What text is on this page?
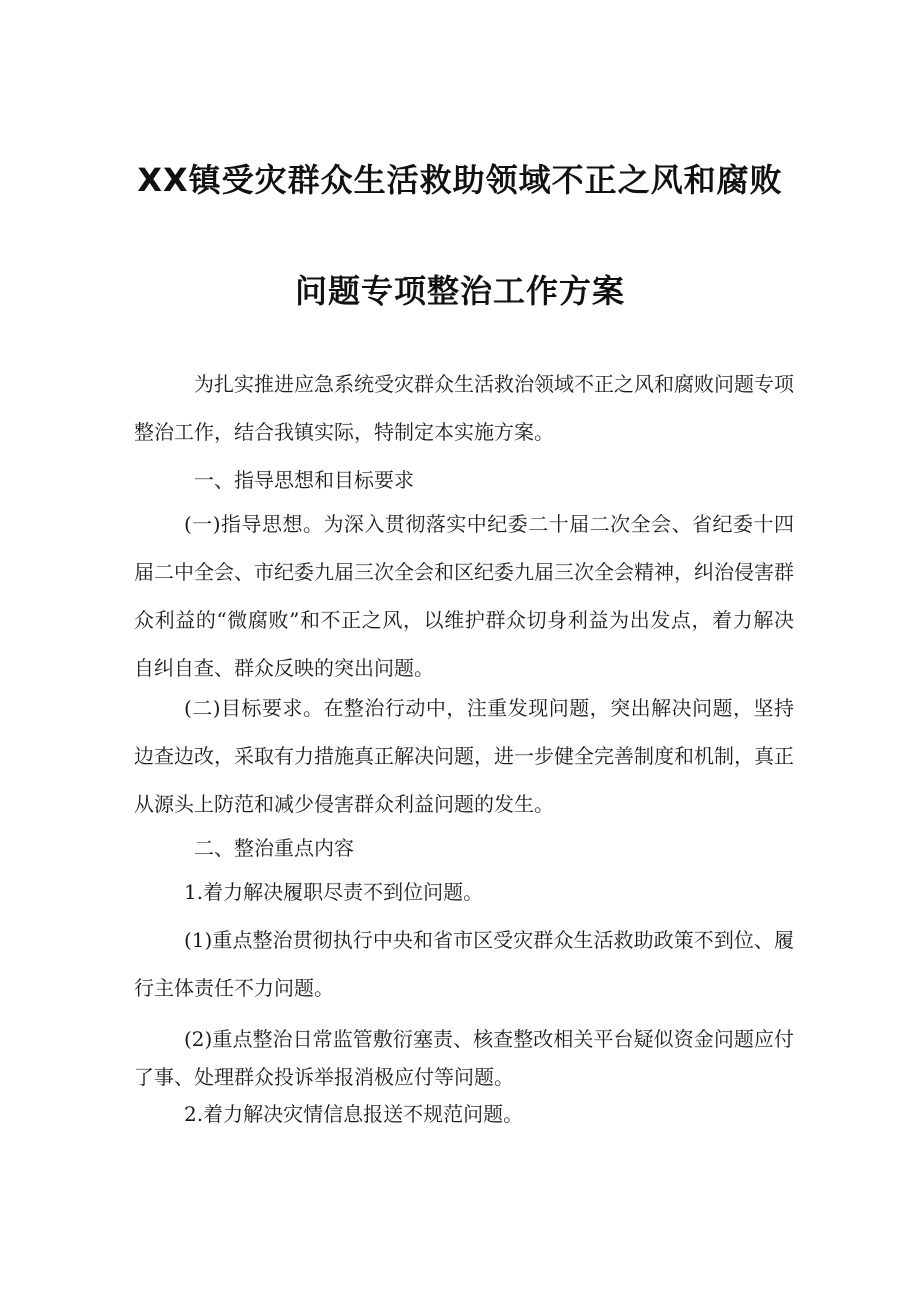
XX镇受灾群众生活救助领域不正之风和腐败
问题专项整治工作方案
为扎实推进应急系统受灾群众生活救治领域不正之风和腐败问题专项整治工作，结合我镇实际，特制定本实施方案。
一、指导思想和目标要求
(一)指导思想。为深入贯彻落实中纪委二十届二次全会、省纪委十四届二中全会、市纪委九届三次全会和区纪委九届三次全会精神，纠治侵害群众利益的“微腐败”和不正之风，以维护群众切身利益为出发点，着力解决自纠自查、群众反映的突出问题。
(二)目标要求。在整治行动中，注重发现问题，突出解决问题，坚持边查边改，采取有力措施真正解决问题，进一步健全完善制度和机制，真正从源头上防范和减少侵害群众利益问题的发生。
二、整治重点内容
1.着力解决履职尽责不到位问题。
(1)重点整治贯彻执行中央和省市区受灾群众生活救助政策不到位、履行主体责任不力问题。
(2)重点整治日常监管敷衍塞责、核查整改相关平台疑似资金问题应付了事、处理群众投诉举报消极应付等问题。
2.着力解决灾情信息报送不规范问题。
